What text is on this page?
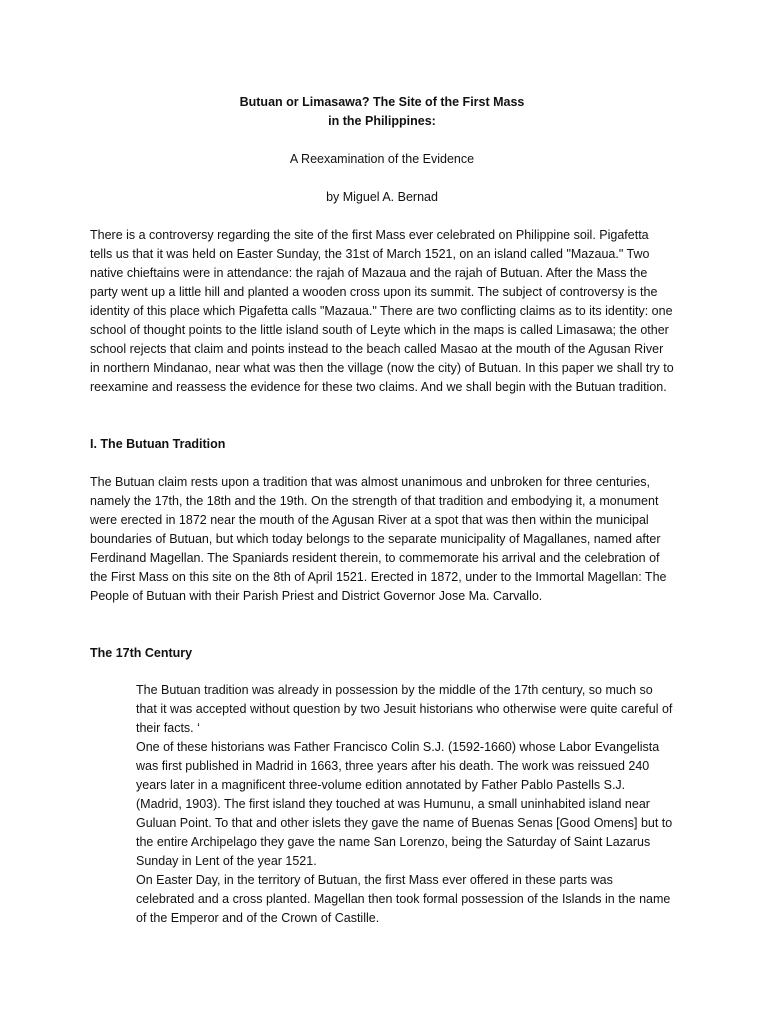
Butuan or Limasawa? The Site of the First Mass

in the Philippines:

A Reexamination of the Evidence

by Miguel A. Bernad

There is a controversy regarding the site of the first Mass ever celebrated on Philippine soil. Pigafetta tells us that it was held on Easter Sunday, the 31st of March 1521, on an island called "Mazaua." Two native chieftains were in attendance: the rajah of Mazaua and the rajah of Butuan. After the Mass the party went up a little hill and planted a wooden cross upon its summit. The subject of controversy is the identity of this place which Pigafetta calls "Mazaua." There are two conflicting claims as to its identity: one school of thought points to the little island south of Leyte which in the maps is called Limasawa; the other school rejects that claim and points instead to the beach called Masao at the mouth of the Agusan River in northern Mindanao, near what was then the village (now the city) of Butuan. In this paper we shall try to reexamine and reassess the evidence for these two claims. And we shall begin with the Butuan tradition.

I. The Butuan Tradition

The Butuan claim rests upon a tradition that was almost unanimous and unbroken for three centuries, namely the 17th, the 18th and the 19th. On the strength of that tradition and embodying it, a monument were erected in 1872 near the mouth of the Agusan River at a spot that was then within the municipal boundaries of Butuan, but which today belongs to the separate municipality of Magallanes, named after Ferdinand Magellan. The Spaniards resident therein, to commemorate his arrival and the celebration of the First Mass on this site on the 8th of April 1521. Erected in 1872, under to the Immortal Magellan: The People of Butuan with their Parish Priest and District Governor Jose Ma. Carvallo.

The 17th Century

The Butuan tradition was already in possession by the middle of the 17th century, so much so that it was accepted without question by two Jesuit historians who otherwise were quite careful of their facts. ‘

One of these historians was Father Francisco Colin S.J. (1592-1660) whose Labor Evangelista was first published in Madrid in 1663, three years after his death. The work was reissued 240 years later in a magnificent three-volume edition annotated by Father Pablo Pastells S.J. (Madrid, 1903). The first island they touched at was Humunu, a small uninhabited island near Guluan Point. To that and other islets they gave the name of Buenas Senas [Good Omens] but to the entire Archipelago they gave the name San Lorenzo, being the Saturday of Saint Lazarus Sunday in Lent of the year 1521.

On Easter Day, in the territory of Butuan, the first Mass ever offered in these parts was celebrated and a cross planted. Magellan then took formal possession of the Islands in the name of the Emperor and of the Crown of Castille.
